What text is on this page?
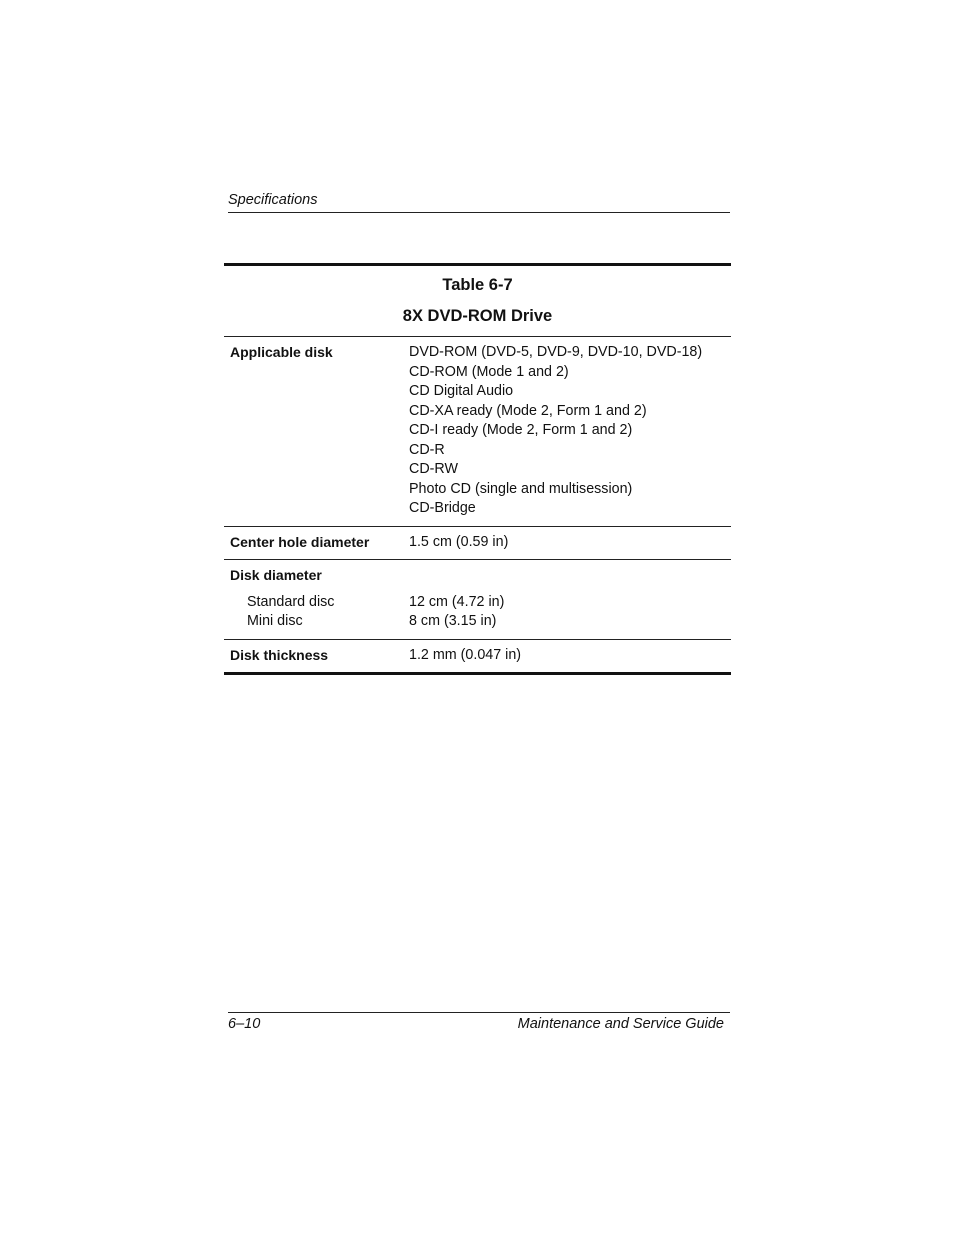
Specifications
Table 6-7
8X DVD-ROM Drive
Applicable disk	DVD-ROM (DVD-5, DVD-9, DVD-10, DVD-18)
CD-ROM (Mode 1 and 2)
CD Digital Audio
CD-XA ready (Mode 2, Form 1 and 2)
CD-I ready (Mode 2, Form 1 and 2)
CD-R
CD-RW
Photo CD (single and multisession)
CD-Bridge
Center hole diameter	1.5 cm (0.59 in)
Disk diameter
Standard disc	12 cm (4.72 in)
Mini disc	8 cm (3.15 in)
Disk thickness	1.2 mm (0.047 in)
6–10	Maintenance and Service Guide
